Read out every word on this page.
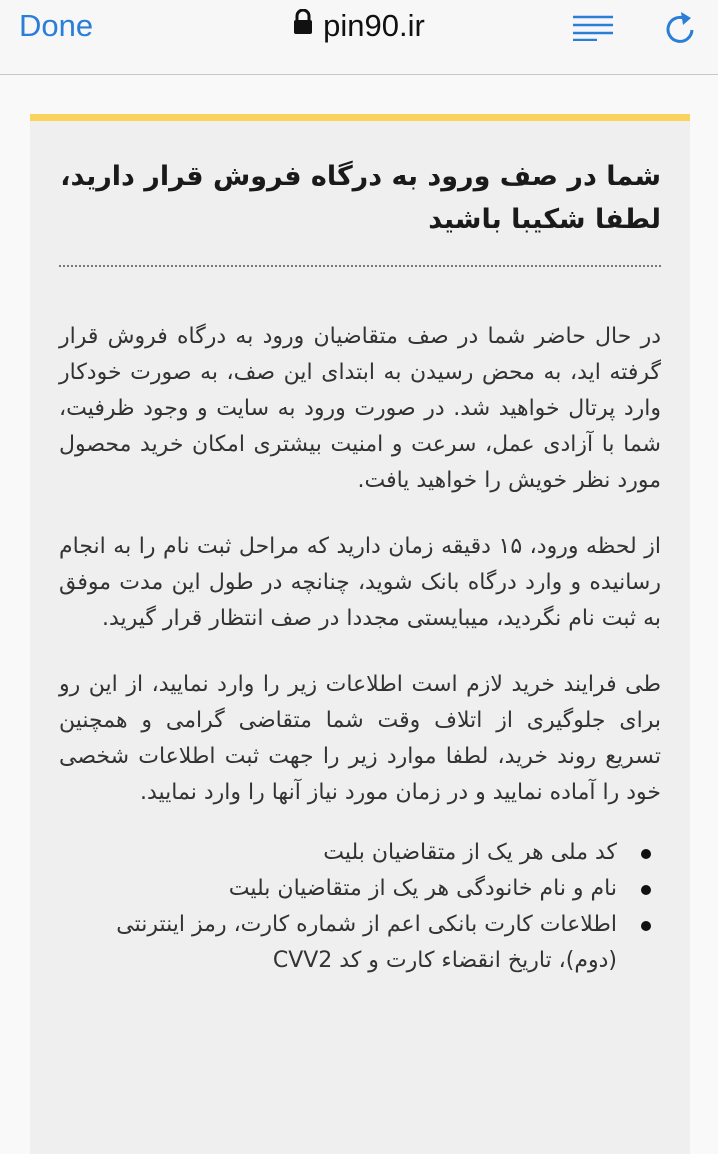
Done	pin90.ir
شما در صف ورود به درگاه فروش قرار دارید، لطفا شکیبا باشید

در حال حاضر شما در صف متقاضیان ورود به درگاه فروش قرار گرفته اید، به محض رسیدن به ابتدای این صف، به صورت خودکار وارد پرتال خواهید شد. در صورت ورود به سایت و وجود ظرفیت، شما با آزادی عمل، سرعت و امنیت بیشتری امکان خرید محصول مورد نظر خویش را خواهید یافت.

از لحظه ورود، ۱۵ دقیقه زمان دارید که مراحل ثبت نام را به انجام رسانیده و وارد درگاه بانک شوید، چنانچه در طول این مدت موفق به ثبت نام نگردید، میبایستی مجددا در صف انتظار قرار گیرید.

طی فرایند خرید لازم است اطلاعات زیر را وارد نمایید، از این رو برای جلوگیری از اتلاف وقت شما متقاضی گرامی و همچنین تسریع روند خرید، لطفا موارد زیر را جهت ثبت اطلاعات شخصی خود را آماده نمایید و در زمان مورد نیاز آنها را وارد نمایید.

کد ملی هر یک از متقاضیان بلیت
نام و نام خانودگی هر یک از متقاضیان بلیت
اطلاعات کارت بانکی اعم از شماره کارت، رمز اینترنتی (دوم)، تاریخ انقضاء کارت و کد CVV2
